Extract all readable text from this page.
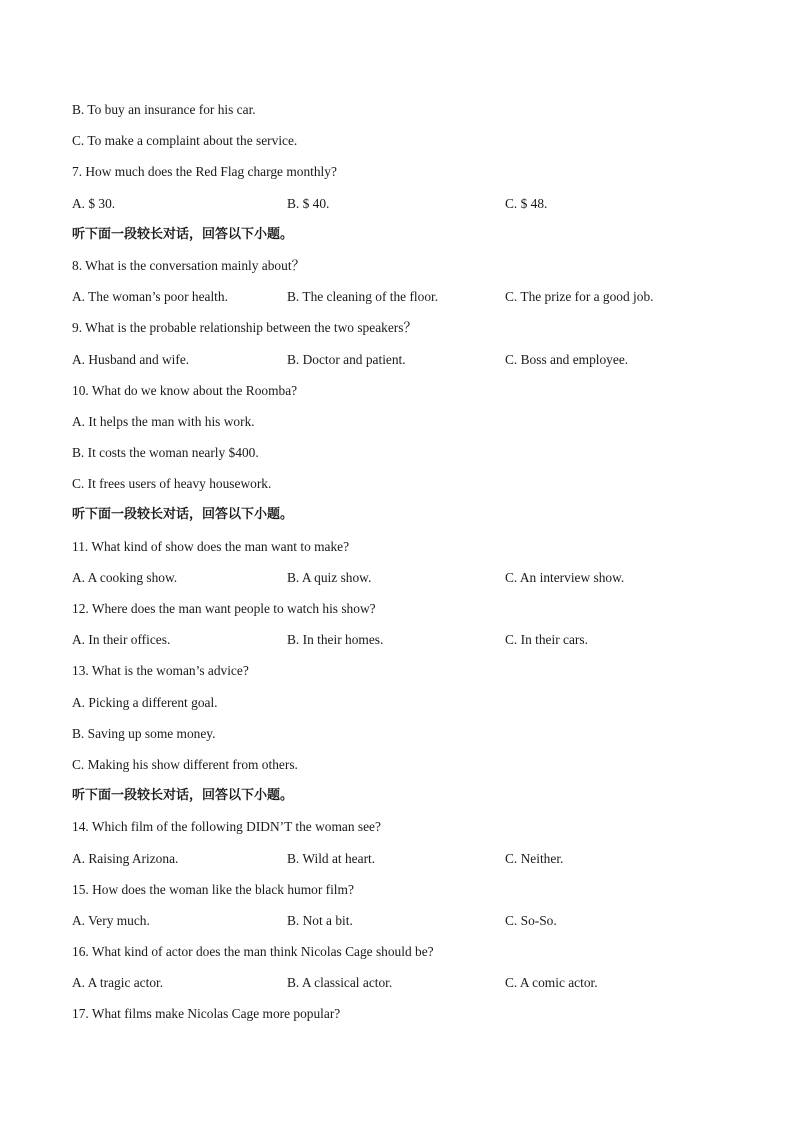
B. To buy an insurance for his car.
C. To make a complaint about the service.
7. How much does the Red Flag charge monthly?
A. $ 30.	B. $ 40.	C. $ 48.
听下面一段较长对话，回答以下小题。
8. What is the conversation mainly about？
A. The woman’s poor health.	B. The cleaning of the floor.	C. The prize for a good job.
9. What is the probable relationship between the two speakers？
A. Husband and wife.	B. Doctor and patient.	C. Boss and employee.
10. What do we know about the Roomba?
A. It helps the man with his work.
B. It costs the woman nearly $400.
C. It frees users of heavy housework.
听下面一段较长对话，回答以下小题。
11. What kind of show does the man want to make?
A. A cooking show.	B. A quiz show.	C. An interview show.
12. Where does the man want people to watch his show?
A. In their offices.	B. In their homes.	C. In their cars.
13. What is the woman’s advice?
A. Picking a different goal.
B. Saving up some money.
C. Making his show different from others.
听下面一段较长对话，回答以下小题。
14. Which film of the following DIDN’T the woman see?
A. Raising Arizona.	B. Wild at heart.	C. Neither.
15. How does the woman like the black humor film?
A. Very much.	B. Not a bit.	C. So-So.
16. What kind of actor does the man think Nicolas Cage should be?
A. A tragic actor.	B. A classical actor.	C. A comic actor.
17. What films make Nicolas Cage more popular?
